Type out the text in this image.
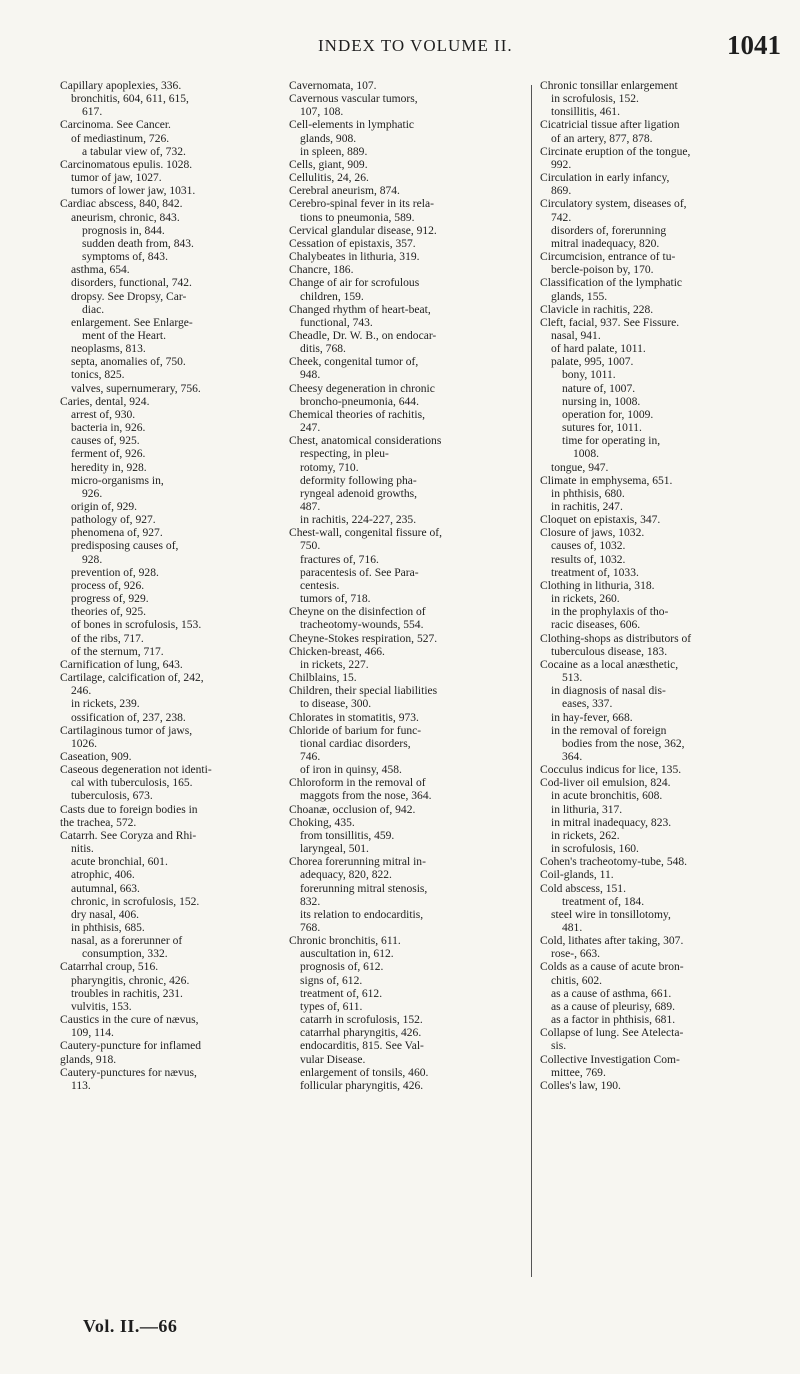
INDEX TO VOLUME II.	1041
Capillary apoplexies, 336.
bronchitis, 604, 611, 615,
617.
Carcinoma. See Cancer.
of mediastinum, 726.
a tabular view of, 732.
Carcinomatous epulis. 1028.
tumor of jaw, 1027.
tumors of lower jaw, 1031.
Cardiac abscess, 840, 842.
aneurism, chronic, 843.
prognosis in, 844.
sudden death from, 843.
symptoms of, 843.
asthma, 654.
disorders, functional, 742.
dropsy. See Dropsy, Car-
diac.
enlargement. See Enlarge-
ment of the Heart.
neoplasms, 813.
septa, anomalies of, 750.
tonics, 825.
valves, supernumerary, 756.
Caries, dental, 924.
arrest of, 930.
bacteria in, 926.
causes of, 925.
ferment of, 926.
heredity in, 928.
micro-organisms in,
926.
origin of, 929.
pathology of, 927.
phenomena of, 927.
predisposing causes of,
928.
prevention of, 928.
process of, 926.
progress of, 929.
theories of, 925.
of bones in scrofulosis, 153.
of the ribs, 717.
of the sternum, 717.
Carnification of lung, 643.
Cartilage, calcification of, 242,
246.
in rickets, 239.
ossification of, 237, 238.
Cartilaginous tumor of jaws,
1026.
Caseation, 909.
Caseous degeneration not identi-
cal with tuberculosis, 165.
tuberculosis, 673.
Casts due to foreign bodies in
the trachea, 572.
Catarrh. See Coryza and Rhi-
nitis.
acute bronchial, 601.
atrophic, 406.
autumnal, 663.
chronic, in scrofulosis, 152.
dry nasal, 406.
in phthisis, 685.
nasal, as a forerunner of
consumption, 332.
Catarrhal croup, 516.
pharyngitis, chronic, 426.
troubles in rachitis, 231.
vulvitis, 153.
Caustics in the cure of nævus,
109, 114.
Cautery-puncture for inflamed
glands, 918.
Cautery-punctures for nævus,
113.
Cavernomata, 107.
Cavernous vascular tumors,
107, 108.
Cell-elements in lymphatic
glands, 908.
in spleen, 889.
Cells, giant, 909.
Cellulitis, 24, 26.
Cerebral aneurism, 874.
Cerebro-spinal fever in its rela-
tions to pneumonia, 589.
Cervical glandular disease, 912.
Cessation of epistaxis, 357.
Chalybeates in lithuria, 319.
Chancre, 186.
Change of air for scrofulous
children, 159.
Changed rhythm of heart-beat,
functional, 743.
Cheadle, Dr. W. B., on endocar-
ditis, 768.
Cheek, congenital tumor of,
948.
Cheesy degeneration in chronic
broncho-pneumonia, 644.
Chemical theories of rachitis,
247.
Chest, anatomical considerations
respecting, in pleu-
rotomy, 710.
deformity following pha-
ryngeal adenoid growths,
487.
in rachitis, 224-227, 235.
Chest-wall, congenital fissure of,
750.
fractures of, 716.
paracentesis of. See Para-
centesis.
tumors of, 718.
Cheyne on the disinfection of
tracheotomy-wounds, 554.
Cheyne-Stokes respiration, 527.
Chicken-breast, 466.
in rickets, 227.
Chilblains, 15.
Children, their special liabilities
to disease, 300.
Chlorates in stomatitis, 973.
Chloride of barium for func-
tional cardiac disorders,
746.
of iron in quinsy, 458.
Chloroform in the removal of
maggots from the nose, 364.
Choanæ, occlusion of, 942.
Choking, 435.
from tonsillitis, 459.
laryngeal, 501.
Chorea forerunning mitral in-
adequacy, 820, 822.
forerunning mitral stenosis,
832.
its relation to endocarditis,
768.
Chronic bronchitis, 611.
auscultation in, 612.
prognosis of, 612.
signs of, 612.
treatment of, 612.
types of, 611.
catarrh in scrofulosis, 152.
catarrhal pharyngitis, 426.
endocarditis, 815. See Val-
vular Disease.
enlargement of tonsils, 460.
follicular pharyngitis, 426.
Chronic tonsillar enlargement
in scrofulosis, 152.
tonsillitis, 461.
Cicatricial tissue after ligation
of an artery, 877, 878.
Circinate eruption of the tongue,
992.
Circulation in early infancy,
869.
Circulatory system, diseases of,
742.
disorders of, forerunning
mitral inadequacy, 820.
Circumcision, entrance of tu-
bercle-poison by, 170.
Classification of the lymphatic
glands, 155.
Clavicle in rachitis, 228.
Cleft, facial, 937. See Fissure.
nasal, 941.
of hard palate, 1011.
palate, 995, 1007.
bony, 1011.
nature of, 1007.
nursing in, 1008.
operation for, 1009.
sutures for, 1011.
time for operating in,
1008.
tongue, 947.
Climate in emphysema, 651.
in phthisis, 680.
in rachitis, 247.
Cloquet on epistaxis, 347.
Closure of jaws, 1032.
causes of, 1032.
results of, 1032.
treatment of, 1033.
Clothing in lithuria, 318.
in rickets, 260.
in the prophylaxis of tho-
racic diseases, 606.
Clothing-shops as distributors of
tuberculous disease, 183.
Cocaine as a local anæsthetic,
513.
in diagnosis of nasal dis-
eases, 337.
in hay-fever, 668.
in the removal of foreign
bodies from the nose, 362,
364.
Cocculus indicus for lice, 135.
Cod-liver oil emulsion, 824.
in acute bronchitis, 608.
in lithuria, 317.
in mitral inadequacy, 823.
in rickets, 262.
in scrofulosis, 160.
Cohen's tracheotomy-tube, 548.
Coil-glands, 11.
Cold abscess, 151.
treatment of, 184.
steel wire in tonsillotomy,
481.
Cold, lithates after taking, 307.
rose-, 663.
Colds as a cause of acute bron-
chitis, 602.
as a cause of asthma, 661.
as a cause of pleurisy, 689.
as a factor in phthisis, 681.
Collapse of lung. See Atelecta-
sis.
Collective Investigation Com-
mittee, 769.
Colles's law, 190.
Vol. II.—66
